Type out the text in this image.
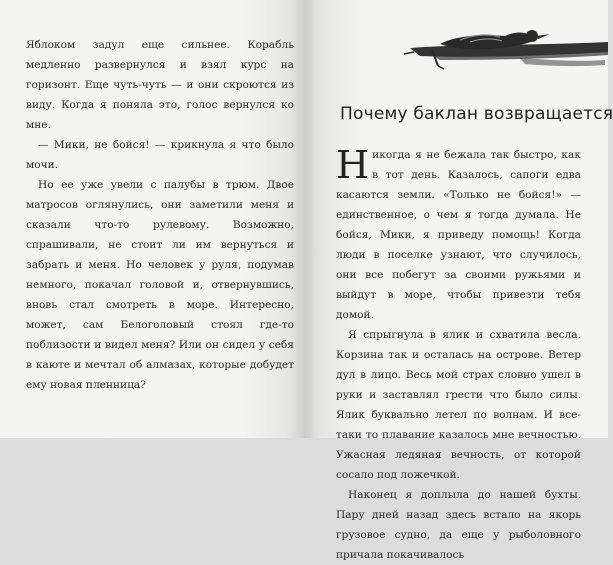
Яблоком задул еще сильнее. Корабль медленно развернулся и взял курс на горизонт. Еще чуть-чуть — и они скроются из виду. Когда я поняла это, голос вернулся ко мне.

— Мики, не бойся! — крикнула я что было мочи.

Но ее уже увели с палубы в трюм. Двое матросов оглянулись, они заметили меня и сказали что-то рулевому. Возможно, спрашивали, не стоит ли им вернуться и забрать и меня. Но человек у руля, подумав немного, покачал головой и, отвернувшись, вновь стал смотреть в море. Интересно, может, сам Белоголовый стоял где-то поблизости и видел меня? Или он сидел у себя в каюте и мечтал об алмазах, которые добудет ему новая пленница?

Почему баклан возвращается

Никогда я не бежала так быстро, как в тот день. Казалось, сапоги едва касаются земли. «Только не бойся!» — единственное, о чем я тогда думала. Не бойся, Мики, я приведу помощь! Когда люди в поселке узнают, что случилось, они все побегут за своими ружьями и выйдут в море, чтобы привезти тебя домой.

Я спрыгнула в ялик и схватила весла. Корзина так и осталась на острове. Ветер дул в лицо. Весь мой страх словно ушел в руки и заставлял грести что было силы. Ялик буквально летел по волнам. И все-таки то плавание казалось мне вечностью. Ужасная ледяная вечность, от которой сосало под ложечкой.

Наконец я доплыла до нашей бухты. Пару дней назад здесь встало на якорь грузовое судно, да еще у рыболовного причала покачивалось
